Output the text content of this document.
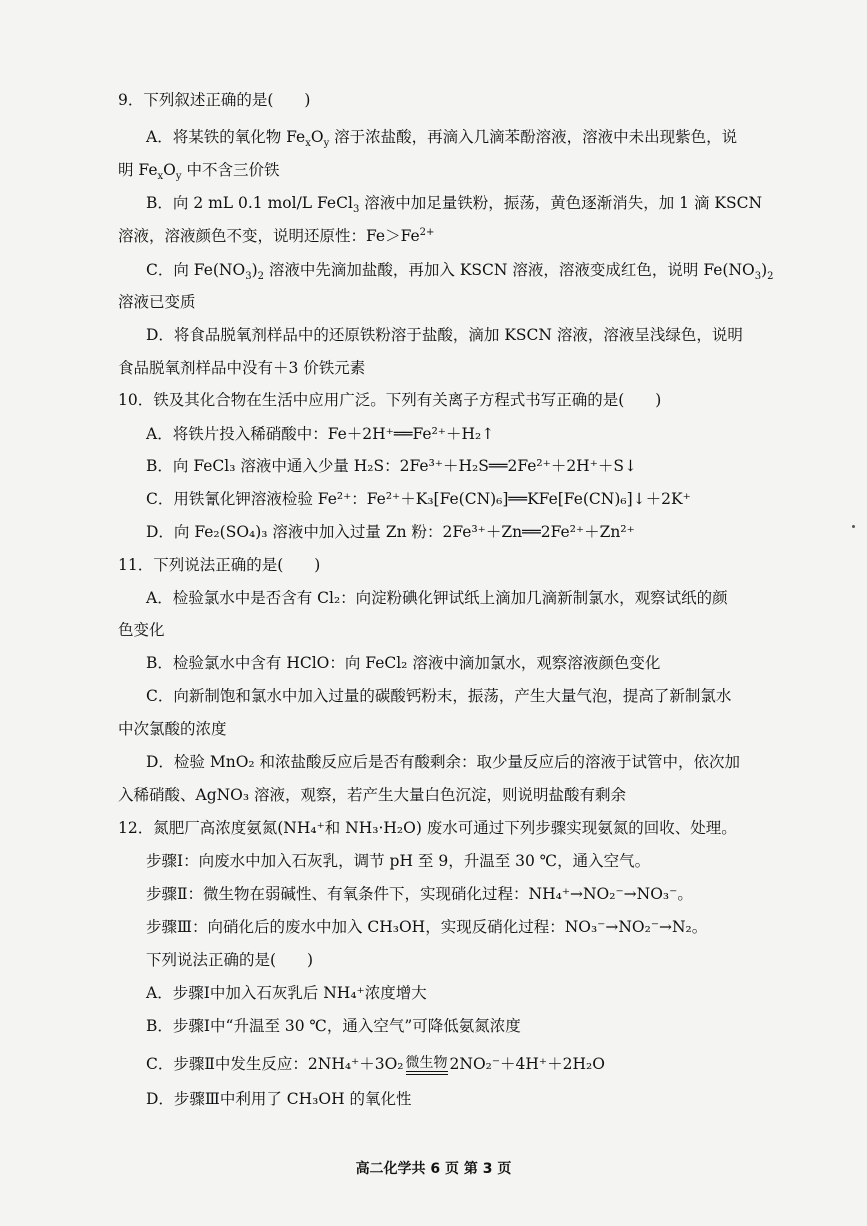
9．下列叙述正确的是(　　)
A．将某铁的氧化物 $Fe_xO_y$ 溶于浓盐酸，再滴入几滴苯酚溶液，溶液中未出现紫色，说
明 $Fe_xO_y$ 中不含三价铁
B．向 2 mL 0.1 mol/L FeCl$_3$ 溶液中加足量铁粉，振荡，黄色逐渐消失，加 1 滴 KSCN
溶液，溶液颜色不变，说明还原性：$Fe>Fe^{2+}$
C．向 $Fe(NO_3)_2$ 溶液中先滴加盐酸，再加入 KSCN 溶液，溶液变成红色，说明 $Fe(NO_3)_2$
溶液已变质
D．将食品脱氧剂样品中的还原铁粉溶于盐酸，滴加 KSCN 溶液，溶液呈浅绿色，说明
食品脱氧剂样品中没有＋3 价铁元素
10．铁及其化合物在生活中应用广泛。下列有关离子方程式书写正确的是(　　)
A．将铁片投入稀硝酸中：Fe＋2H⁺══Fe²⁺＋H₂↑
B．向 FeCl₃ 溶液中通入少量 H₂S：2Fe³⁺＋H₂S══2Fe²⁺＋2H⁺＋S↓
C．用铁氰化钾溶液检验 Fe²⁺：Fe²⁺＋K₃[Fe(CN)₆]══KFe[Fe(CN)₆]↓＋2K⁺
D．向 Fe₂(SO₄)₃ 溶液中加入过量 Zn 粉：2Fe³⁺＋Zn══2Fe²⁺＋Zn²⁺
11．下列说法正确的是(　　)
A．检验氯水中是否含有 Cl₂：向淀粉碘化钾试纸上滴加几滴新制氯水，观察试纸的颜
色变化
B．检验氯水中含有 HClO：向 FeCl₂ 溶液中滴加氯水，观察溶液颜色变化
C．向新制饱和氯水中加入过量的碳酸钙粉末，振荡，产生大量气泡，提高了新制氯水
中次氯酸的浓度
D．检验 MnO₂ 和浓盐酸反应后是否有酸剩余：取少量反应后的溶液于试管中，依次加
入稀硝酸、AgNO₃ 溶液，观察，若产生大量白色沉淀，则说明盐酸有剩余
12．氮肥厂高浓度氨氮(NH₄⁺和 NH₃·H₂O) 废水可通过下列步骤实现氨氮的回收、处理。
步骤Ⅰ：向废水中加入石灰乳，调节 pH 至 9，升温至 30 ℃，通入空气。
步骤Ⅱ：微生物在弱碱性、有氧条件下，实现硝化过程：NH₄⁺→NO₂⁻→NO₃⁻。
步骤Ⅲ：向硝化后的废水中加入 CH₃OH，实现反硝化过程：NO₃⁻→NO₂⁻→N₂。
下列说法正确的是(　　)
A．步骤Ⅰ中加入石灰乳后 NH₄⁺浓度增大
B．步骤Ⅰ中“升温至 30 ℃，通入空气”可降低氨氮浓度
C．步骤Ⅱ中发生反应：2NH₄⁺＋3O₂ 微生物 2NO₂⁻＋4H⁺＋2H₂O
D．步骤Ⅲ中利用了 CH₃OH 的氧化性
高二化学共 6 页 第 3 页
